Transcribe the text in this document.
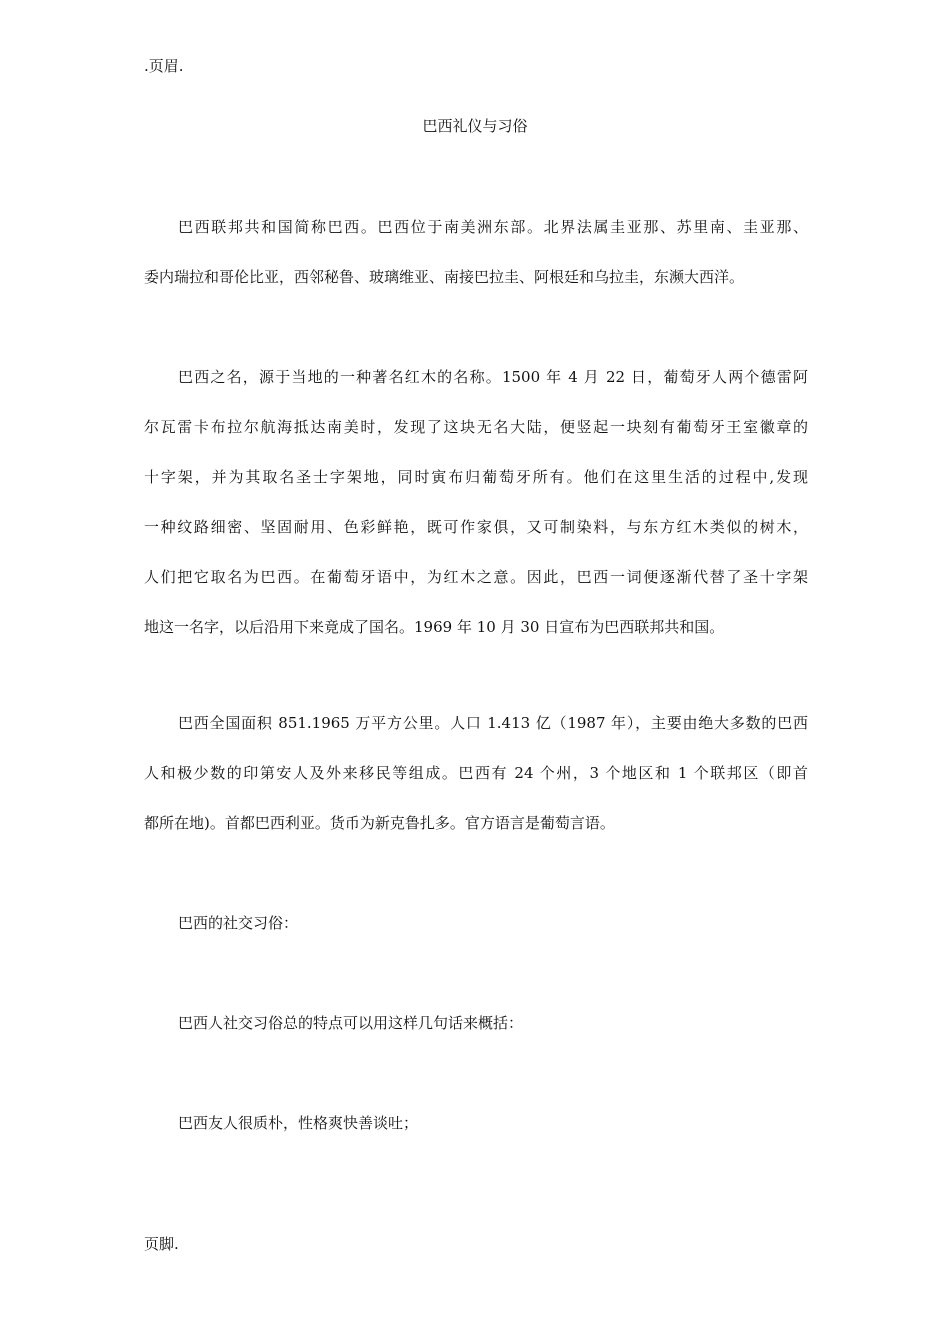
.页眉.
巴西礼仪与习俗
巴西联邦共和国简称巴西。巴西位于南美洲东部。北界法属圭亚那、苏里南、圭亚那、
委内瑞拉和哥伦比亚，西邻秘鲁、玻璃维亚、南接巴拉圭、阿根廷和乌拉圭，东濒大西洋。
巴西之名，源于当地的一种著名红木的名称。1500 年 4 月 22 日，葡萄牙人两个德雷阿
尔瓦雷卡布拉尔航海抵达南美时，发现了这块无名大陆，便竖起一块刻有葡萄牙王室徽章的
十字架，并为其取名圣士字架地，同时寅布归葡萄牙所有。他们在这里生活的过程中,发现
一种纹路细密、坚固耐用、色彩鲜艳，既可作家俱，又可制染料，与东方红木类似的树木，
人们把它取名为巴西。在葡萄牙语中，为红木之意。因此，巴西一词便逐渐代替了圣十字架
地这一名字，以后沿用下来竟成了国名。1969 年 10 月 30 日宣布为巴西联邦共和国。
巴西全国面积 851.1965 万平方公里。人口 1.413 亿（1987 年），主要由绝大多数的巴西
人和极少数的印第安人及外来移民等组成。巴西有 24 个州，3 个地区和 1 个联邦区（即首
都所在地)。首都巴西利亚。货币为新克鲁扎多。官方语言是葡萄言语。
巴西的社交习俗：
巴西人社交习俗总的特点可以用这样几句话来概括：
巴西友人很质朴，性格爽快善谈吐；
页脚.
